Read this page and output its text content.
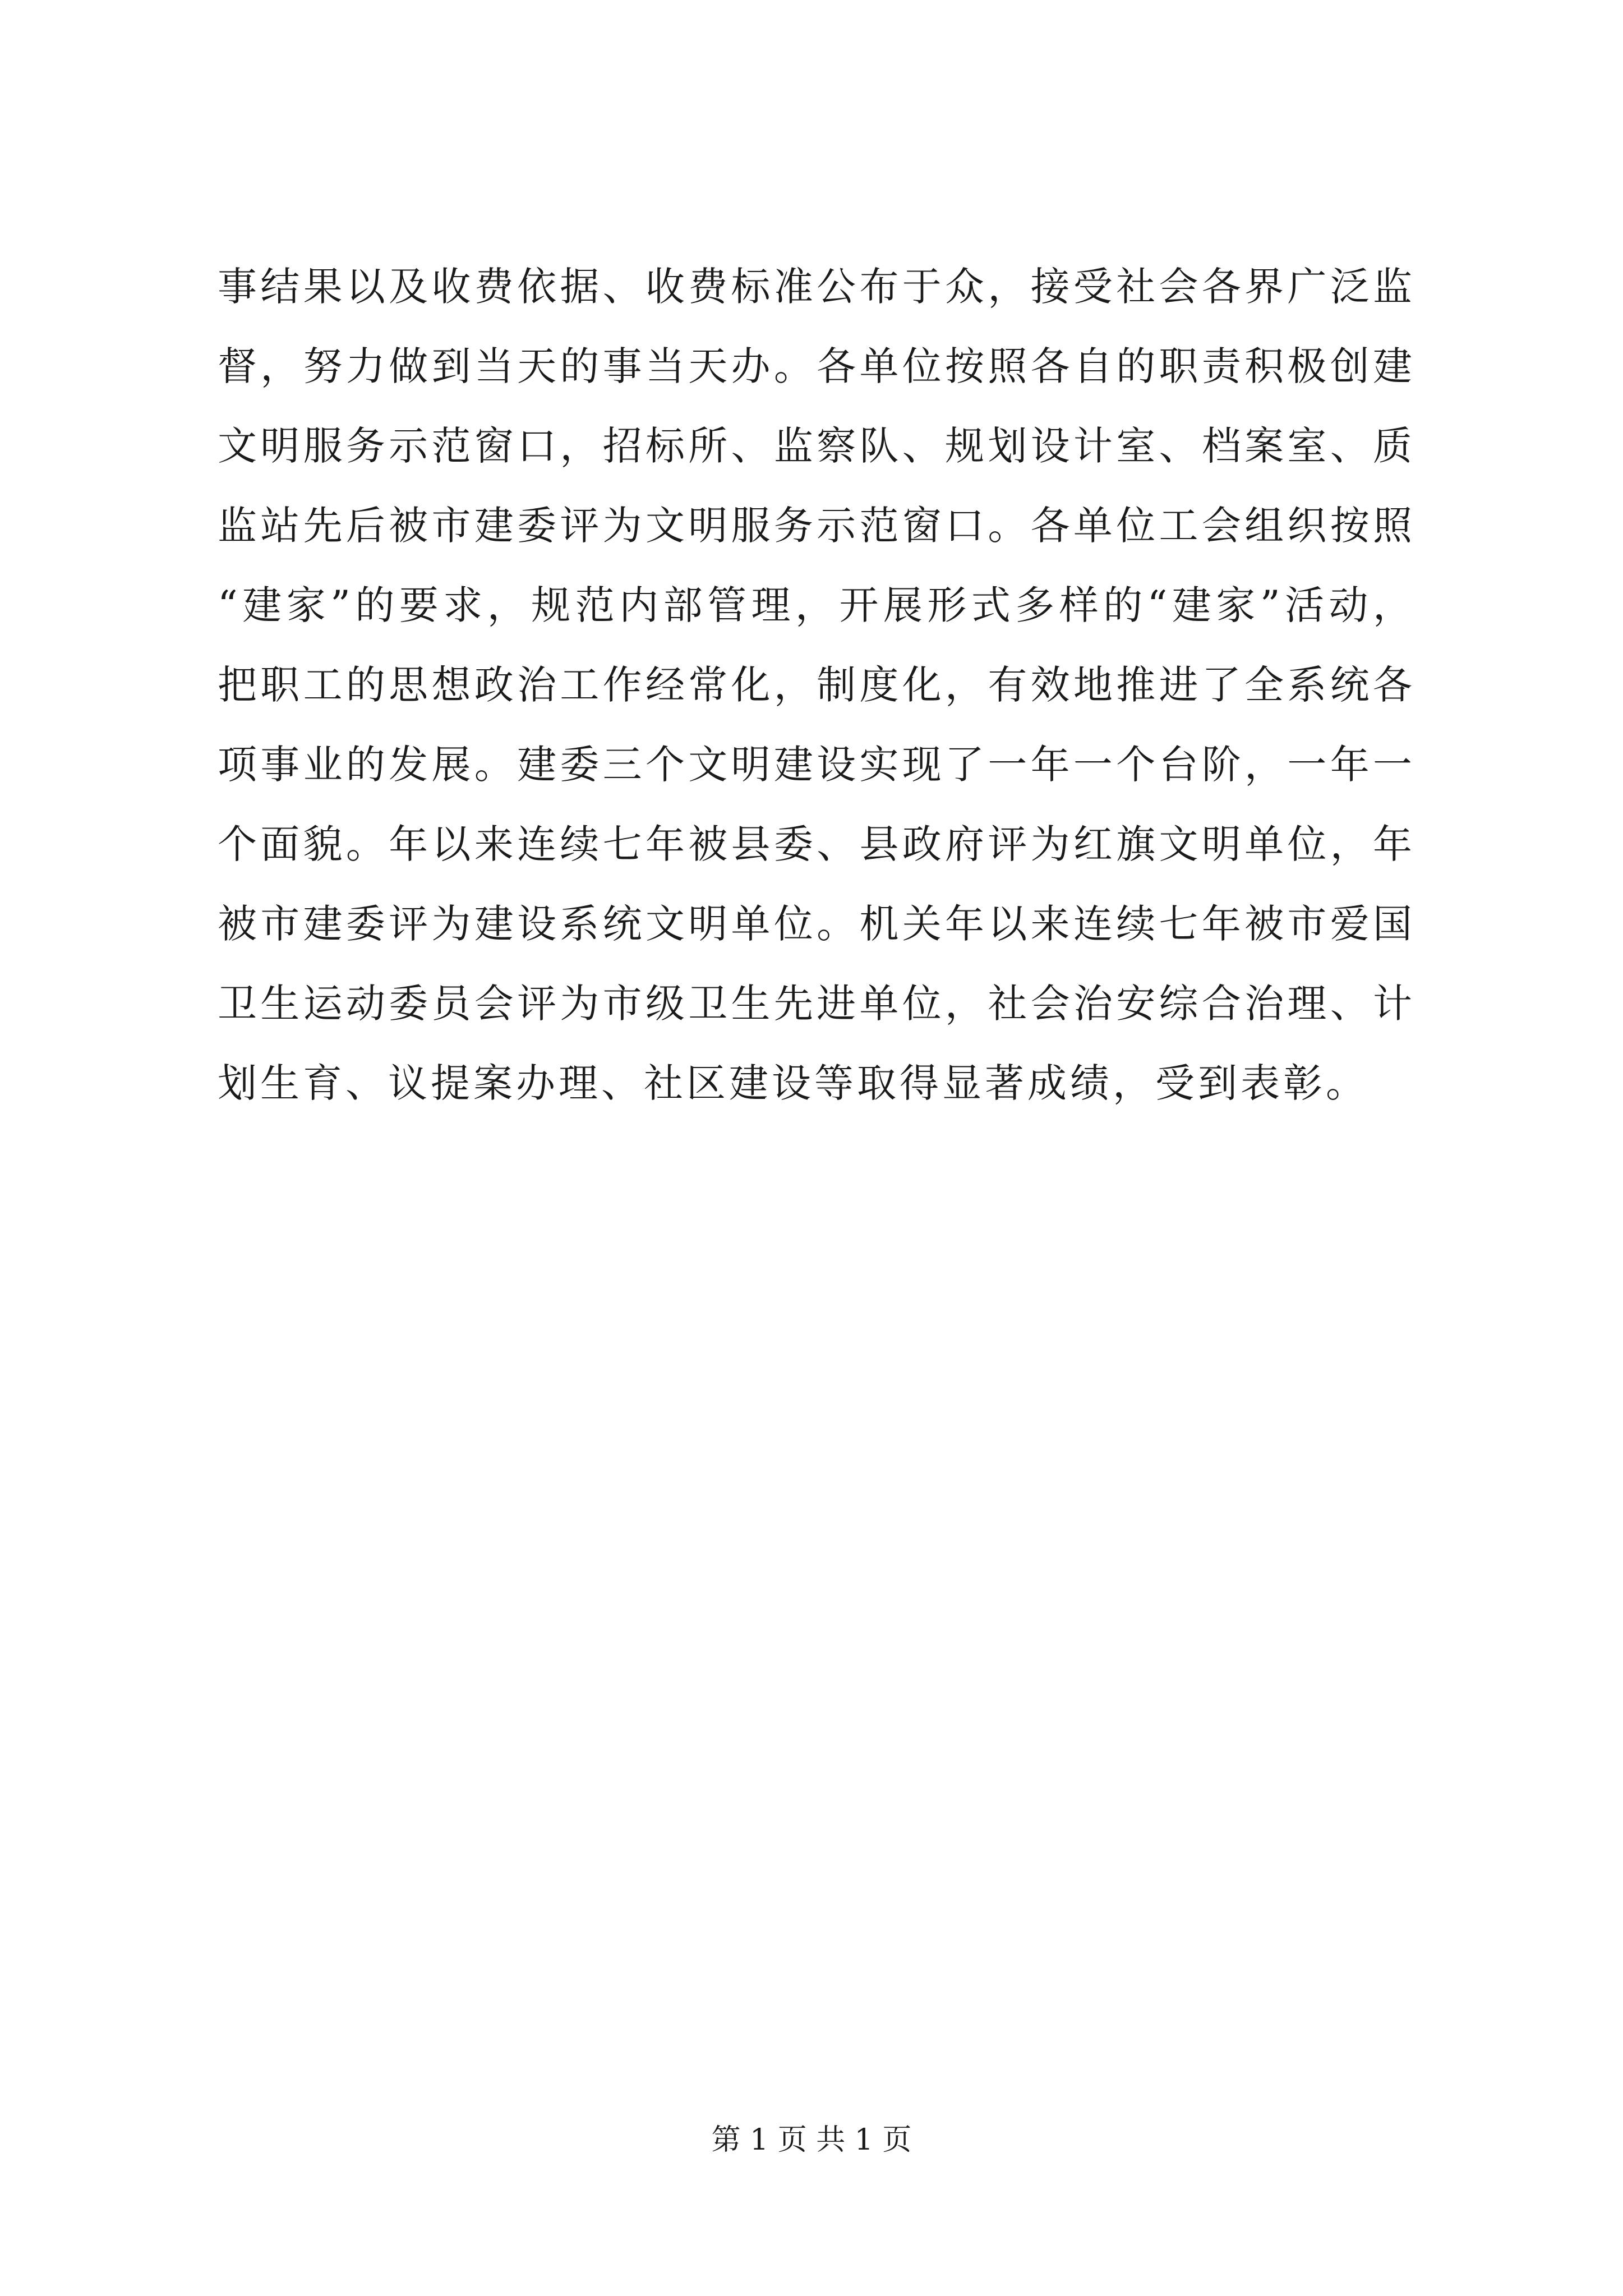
事结果以及收费依据、收费标准公布于众，接受社会各界广泛监
督，努力做到当天的事当天办。各单位按照各自的职责积极创建
文明服务示范窗口，招标所、监察队、规划设计室、档案室、质
监站先后被市建委评为文明服务示范窗口。各单位工会组织按照
“建家”的要求，规范内部管理，开展形式多样的“建家”活动，
把职工的思想政治工作经常化，制度化，有效地推进了全系统各
项事业的发展。建委三个文明建设实现了一年一个台阶，一年一
个面貌。年以来连续七年被县委、县政府评为红旗文明单位，年
被市建委评为建设系统文明单位。机关年以来连续七年被市爱国
卫生运动委员会评为市级卫生先进单位，社会治安综合治理、计
划生育、议提案办理、社区建设等取得显著成绩，受到表彰。
第 1 页 共 1 页
